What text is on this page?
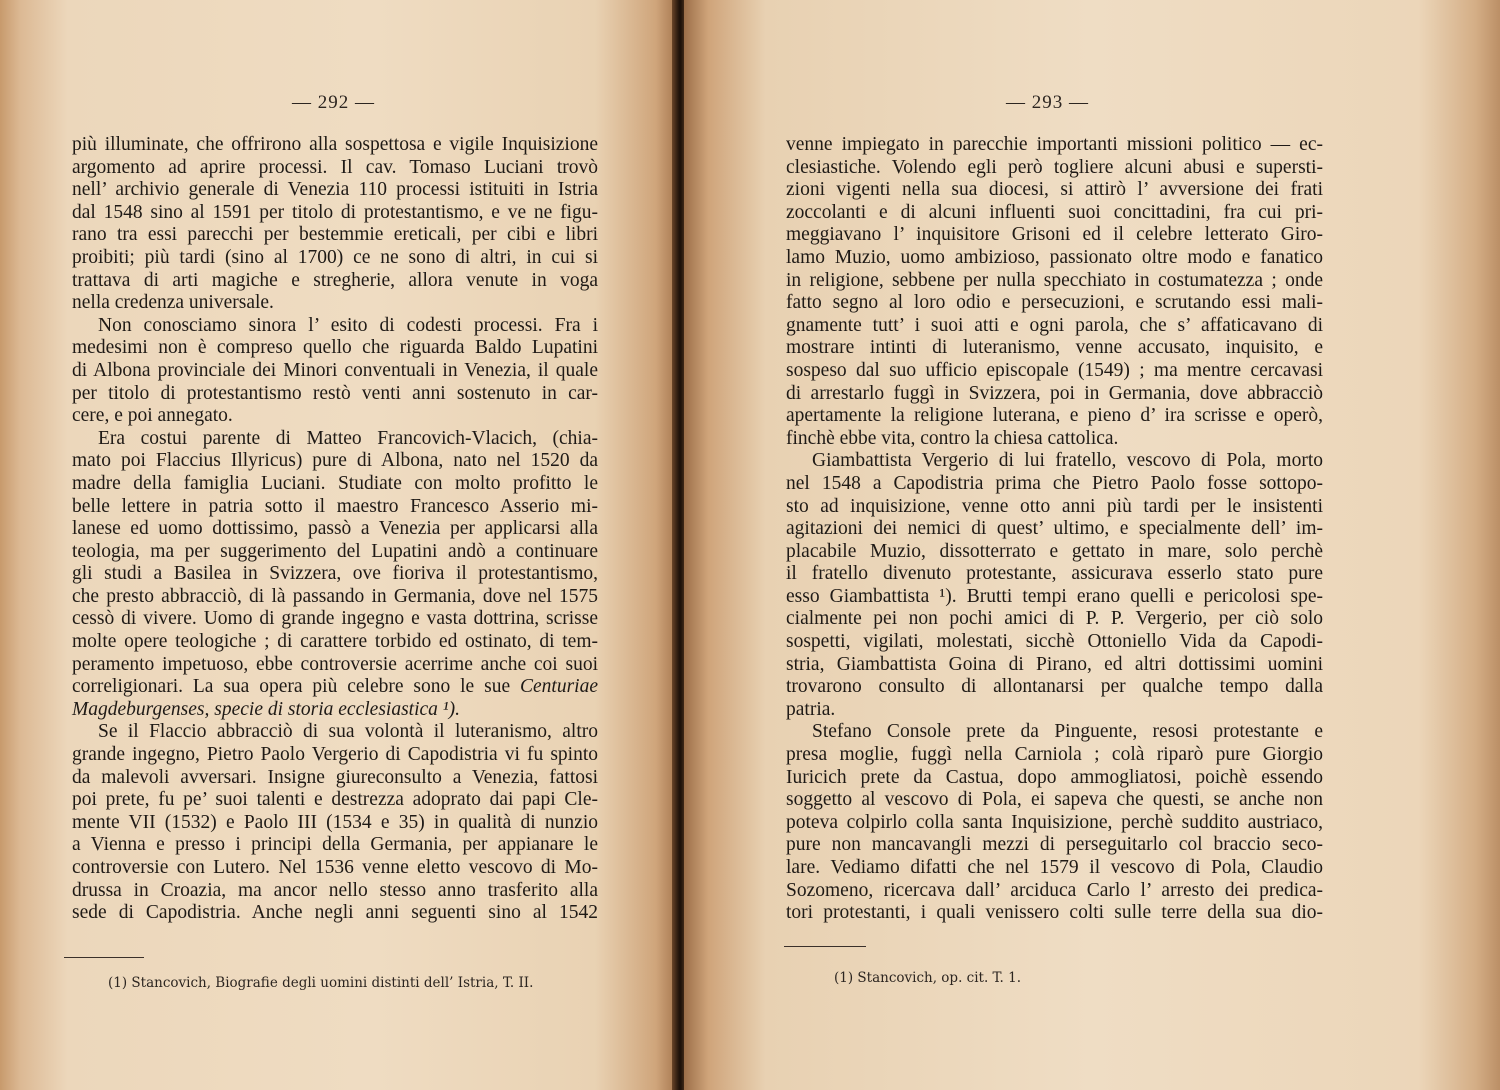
— 292 —
più illuminate, che offrirono alla sospettosa e vigile Inquisizione
argomento ad aprire processi. Il cav. Tomaso Luciani trovò
nell’ archivio generale di Venezia 110 processi istituiti in Istria
dal 1548 sino al 1591 per titolo di protestantismo, e ve ne figu-
rano tra essi parecchi per bestemmie ereticali, per cibi e libri
proibiti; più tardi (sino al 1700) ce ne sono di altri, in cui si
trattava di arti magiche e stregherie, allora venute in voga
nella credenza universale.
Non conosciamo sinora l’ esito di codesti processi. Fra i
medesimi non è compreso quello che riguarda Baldo Lupatini
di Albona provinciale dei Minori conventuali in Venezia, il quale
per titolo di protestantismo restò venti anni sostenuto in car-
cere, e poi annegato.
Era costui parente di Matteo Francovich-Vlacich, (chia-
mato poi Flaccius Illyricus) pure di Albona, nato nel 1520 da
madre della famiglia Luciani. Studiate con molto profitto le
belle lettere in patria sotto il maestro Francesco Asserio mi-
lanese ed uomo dottissimo, passò a Venezia per applicarsi alla
teologia, ma per suggerimento del Lupatini andò a continuare
gli studi a Basilea in Svizzera, ove fioriva il protestantismo,
che presto abbracciò, di là passando in Germania, dove nel 1575
cessò di vivere. Uomo di grande ingegno e vasta dottrina, scrisse
molte opere teologiche ; di carattere torbido ed ostinato, di tem-
peramento impetuoso, ebbe controversie acerrime anche coi suoi
correligionari. La sua opera più celebre sono le sue Centuriae
Magdeburgenses, specie di storia ecclesiastica ¹).
Se il Flaccio abbracciò di sua volontà il luteranismo, altro
grande ingegno, Pietro Paolo Vergerio di Capodistria vi fu spinto
da malevoli avversari. Insigne giureconsulto a Venezia, fattosi
poi prete, fu pe’ suoi talenti e destrezza adoprato dai papi Cle-
mente VII (1532) e Paolo III (1534 e 35) in qualità di nunzio
a Vienna e presso i principi della Germania, per appianare le
controversie con Lutero. Nel 1536 venne eletto vescovo di Mo-
drussa in Croazia, ma ancor nello stesso anno trasferito alla
sede di Capodistria. Anche negli anni seguenti sino al 1542
(1) Stancovich, Biografie degli uomini distinti dell’ Istria, T. II.
— 293 —
venne impiegato in parecchie importanti missioni politico — ec-
clesiastiche. Volendo egli però togliere alcuni abusi e supersti-
zioni vigenti nella sua diocesi, si attirò l’ avversione dei frati
zoccolanti e di alcuni influenti suoi concittadini, fra cui pri-
meggiavano l’ inquisitore Grisoni ed il celebre letterato Giro-
lamo Muzio, uomo ambizioso, passionato oltre modo e fanatico
in religione, sebbene per nulla specchiato in costumatezza ; onde
fatto segno al loro odio e persecuzioni, e scrutando essi mali-
gnamente tutt’ i suoi atti e ogni parola, che s’ affaticavano di
mostrare intinti di luteranismo, venne accusato, inquisito, e
sospeso dal suo ufficio episcopale (1549) ; ma mentre cercavasi
di arrestarlo fuggì in Svizzera, poi in Germania, dove abbracciò
apertamente la religione luterana, e pieno d’ ira scrisse e operò,
finchè ebbe vita, contro la chiesa cattolica.
Giambattista Vergerio di lui fratello, vescovo di Pola, morto
nel 1548 a Capodistria prima che Pietro Paolo fosse sottopo-
sto ad inquisizione, venne otto anni più tardi per le insistenti
agitazioni dei nemici di quest’ ultimo, e specialmente dell’ im-
placabile Muzio, dissotterrato e gettato in mare, solo perchè
il fratello divenuto protestante, assicurava esserlo stato pure
esso Giambattista ¹). Brutti tempi erano quelli e pericolosi spe-
cialmente pei non pochi amici di P. P. Vergerio, per ciò solo
sospetti, vigilati, molestati, sicchè Ottoniello Vida da Capodi-
stria, Giambattista Goina di Pirano, ed altri dottissimi uomini
trovarono consulto di allontanarsi per qualche tempo dalla
patria.
Stefano Console prete da Pinguente, resosi protestante e
presa moglie, fuggì nella Carniola ; colà riparò pure Giorgio
Iuricich prete da Castua, dopo ammogliatosi, poichè essendo
soggetto al vescovo di Pola, ei sapeva che questi, se anche non
poteva colpirlo colla santa Inquisizione, perchè suddito austriaco,
pure non mancavangli mezzi di perseguitarlo col braccio seco-
lare. Vediamo difatti che nel 1579 il vescovo di Pola, Claudio
Sozomeno, ricercava dall’ arciduca Carlo l’ arresto dei predica-
tori protestanti, i quali venissero colti sulle terre della sua dio-
(1) Stancovich, op. cit. T. 1.
